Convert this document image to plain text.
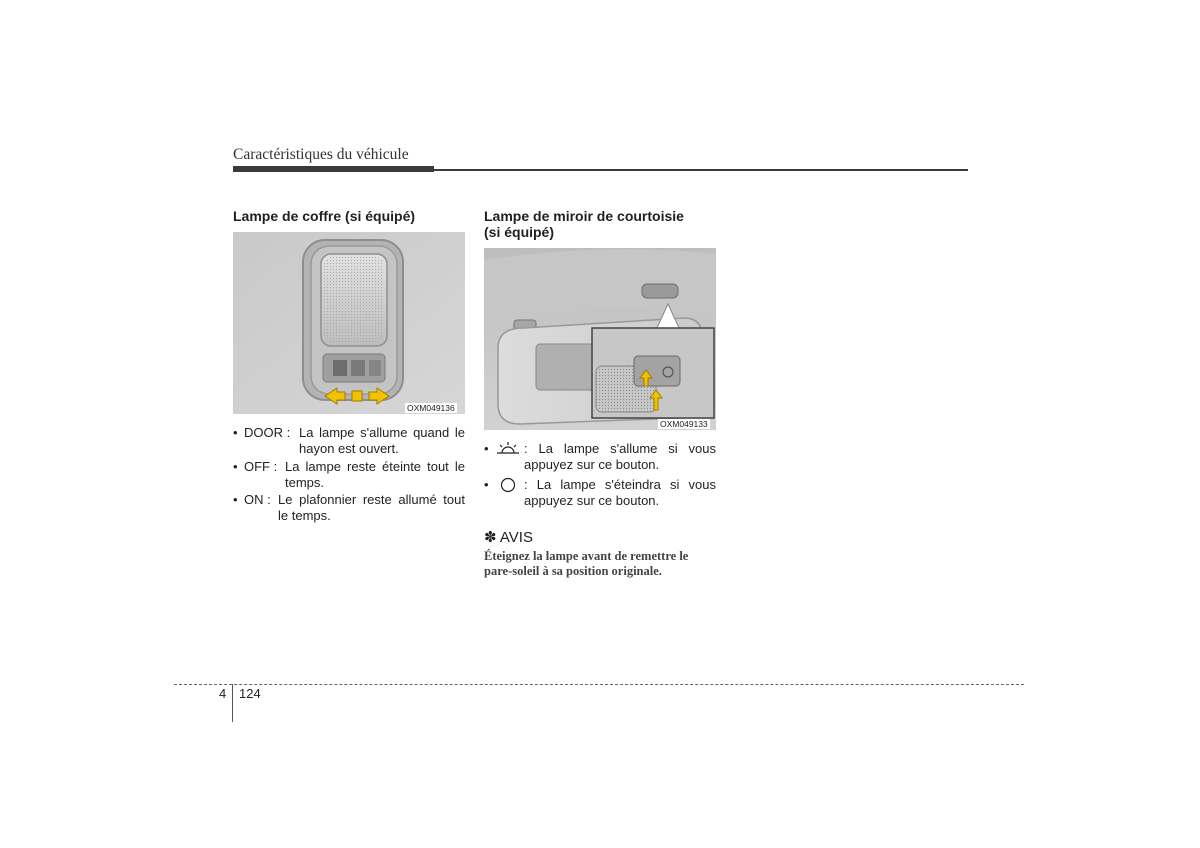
Caractéristiques du véhicule
Lampe de coffre (si équipé)
OXM049136
• DOOR : La lampe s'allume quand le hayon est ouvert.
• OFF : La lampe reste éteinte tout le temps.
• ON : Le plafonnier reste allumé tout le temps.
Lampe de miroir de courtoisie
(si équipé)
OXM049133
•	: La lampe s'allume si vous appuyez sur ce bouton.
•	: La lampe s'éteindra si vous appuyez sur ce bouton.
✽ AVIS
Éteignez la lampe avant de remettre le pare-soleil à sa position originale.
4 124
